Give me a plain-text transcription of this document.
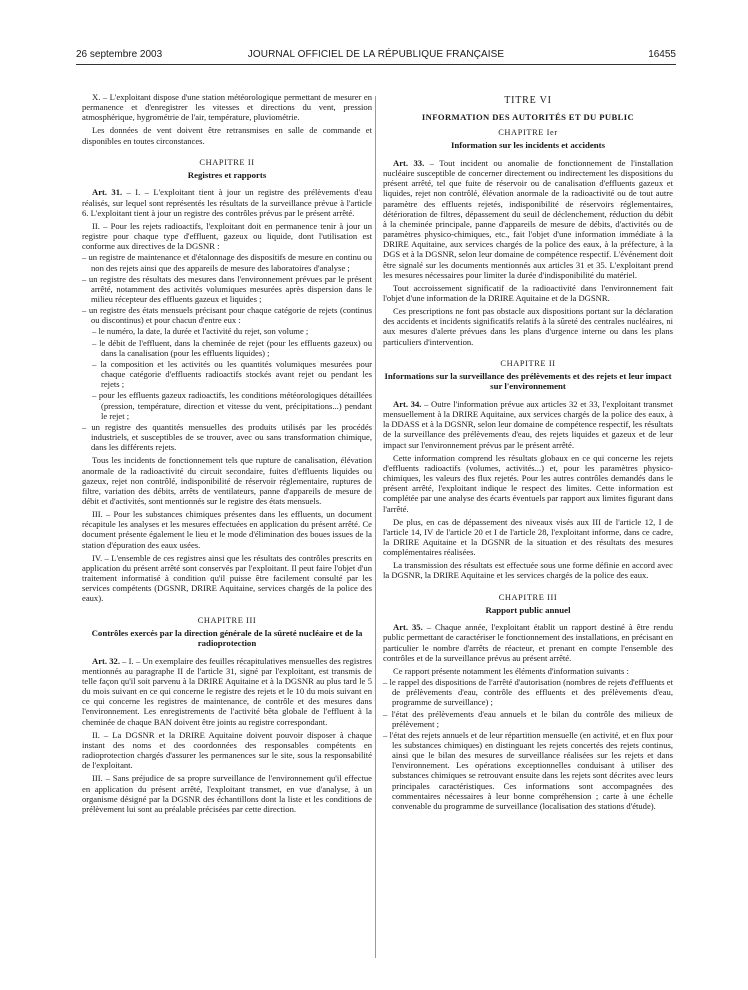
26 septembre 2003	JOURNAL OFFICIEL DE LA RÉPUBLIQUE FRANÇAISE	16455

X. – L'exploitant dispose d'une station météorologique permettant de mesurer en permanence et d'enregistrer les vitesses et directions du vent, pression atmosphérique, hygrométrie de l'air, température, pluviométrie.

Les données de vent doivent être retransmises en salle de commande et disponibles en toutes circonstances.

CHAPITRE II
Registres et rapports

Art. 31. – I. – L'exploitant tient à jour un registre des prélèvements d'eau réalisés, sur lequel sont représentés les résultats de la surveillance prévue à l'article 6. L'exploitant tient à jour un registre des contrôles prévus par le présent arrêté.

II. – Pour les rejets radioactifs, l'exploitant doit en permanence tenir à jour un registre pour chaque type d'effluent, gazeux ou liquide, dont l'utilisation est conforme aux directives de la DGSNR :

– un registre de maintenance et d'étalonnage des dispositifs de mesure en continu ou non des rejets ainsi que des appareils de mesure des laboratoires d'analyse ;
– un registre des résultats des mesures dans l'environnement prévues par le présent arrêté, notamment des activités volumiques mesurées après dispersion dans le milieu récepteur des effluents gazeux et liquides ;
– un registre des états mensuels précisant pour chaque catégorie de rejets (continus ou discontinus) et pour chacun d'entre eux :
– le numéro, la date, la durée et l'activité du rejet, son volume ;
– le débit de l'effluent, dans la cheminée de rejet (pour les effluents gazeux) ou dans la canalisation (pour les effluents liquides) ;
– la composition et les activités ou les quantités volumiques mesurées pour chaque catégorie d'effluents radioactifs stockés avant rejet ou pendant les rejets ;
– pour les effluents gazeux radioactifs, les conditions météorologiques détaillées (pression, température, direction et vitesse du vent, précipitations...) pendant le rejet ;
– un registre des quantités mensuelles des produits utilisés par les procédés industriels, et susceptibles de se trouver, avec ou sans transformation chimique, dans les différents rejets.

Tous les incidents de fonctionnement tels que rupture de canalisation, élévation anormale de la radioactivité du circuit secondaire, fuites d'effluents liquides ou gazeux, rejet non contrôlé, indisponibilité de réservoir réglementaire, ruptures de filtre, variation des débits, arrêts de ventilateurs, panne d'appareils de mesure de débit et d'activités, sont mentionnés sur le registre des états mensuels.

III. – Pour les substances chimiques présentes dans les effluents, un document récapitule les analyses et les mesures effectuées en application du présent arrêté. Ce document présente également le lieu et le mode d'élimination des boues issues de la station d'épuration des eaux usées.

IV. – L'ensemble de ces registres ainsi que les résultats des contrôles prescrits en application du présent arrêté sont conservés par l'exploitant. Il peut faire l'objet d'un traitement informatisé à condition qu'il puisse être facilement consulté par les services compétents (DGSNR, DRIRE Aquitaine, services chargés de la police des eaux).

CHAPITRE III
Contrôles exercés par la direction générale de la sûreté nucléaire et de la radioprotection

Art. 32. – I. – Un exemplaire des feuilles récapitulatives mensuelles des registres mentionnés au paragraphe II de l'article 31, signé par l'exploitant, est transmis de telle façon qu'il soit parvenu à la DRIRE Aquitaine et à la DGSNR au plus tard le 5 du mois suivant en ce qui concerne le registre des rejets et le 10 du mois suivant en ce qui concerne les registres de maintenance, de contrôle et des mesures dans l'environnement. Les enregistrements de l'activité bêta globale de l'effluent à la cheminée de chaque BAN doivent être joints au registre correspondant.

II. – La DGSNR et la DRIRE Aquitaine doivent pouvoir disposer à chaque instant des noms et des coordonnées des responsables compétents en radioprotection chargés d'assurer les permanences sur le site, sous la responsabilité de l'exploitant.

III. – Sans préjudice de sa propre surveillance de l'environnement qu'il effectue en application du présent arrêté, l'exploitant transmet, en vue d'analyse, à un organisme désigné par la DGSNR des échantillons dont la liste et les conditions de prélèvement lui sont au préalable précisées par cette direction.

TITRE VI
INFORMATION DES AUTORITÉS ET DU PUBLIC
CHAPITRE Ier
Information sur les incidents et accidents

Art. 33. – Tout incident ou anomalie de fonctionnement de l'installation nucléaire susceptible de concerner directement ou indirectement les dispositions du présent arrêté, tel que fuite de réservoir ou de canalisation d'effluents gazeux et liquides, rejet non contrôlé, élévation anormale de la radioactivité ou de tout autre paramètre des effluents rejetés, indisponibilité de réservoirs réglementaires, détérioration de filtres, dépassement du seuil de déclenchement, réduction du débit à la cheminée principale, panne d'appareils de mesure de débits, d'activités ou de paramètres physico-chimiques, etc., fait l'objet d'une information immédiate à la DRIRE Aquitaine, aux services chargés de la police des eaux, à la préfecture, à la DGS et à la DGSNR, selon leur domaine de compétence respectif. L'événement doit être signalé sur les documents mentionnés aux articles 31 et 35. L'exploitant prend les mesures nécessaires pour limiter la durée d'indisponibilité du matériel.

Tout accroissement significatif de la radioactivité dans l'environnement fait l'objet d'une information de la DRIRE Aquitaine et de la DGSNR.

Ces prescriptions ne font pas obstacle aux dispositions portant sur la déclaration des accidents et incidents significatifs relatifs à la sûreté des centrales nucléaires, ni aux mesures d'alerte prévues dans les plans d'urgence interne ou dans les plans particuliers d'intervention.

CHAPITRE II
Informations sur la surveillance des prélèvements et des rejets et leur impact sur l'environnement

Art. 34. – Outre l'information prévue aux articles 32 et 33, l'exploitant transmet mensuellement à la DRIRE Aquitaine, aux services chargés de la police des eaux, à la DDASS et à la DGSNR, selon leur domaine de compétence respectif, les résultats de la surveillance des prélèvements d'eau, des rejets liquides et gazeux et de leur impact sur l'environnement prévus par le présent arrêté.

Cette information comprend les résultats globaux en ce qui concerne les rejets d'effluents radioactifs (volumes, activités...) et, pour les paramètres physico-chimiques, les valeurs des flux rejetés. Pour les autres contrôles demandés dans le présent arrêté, l'exploitant indique le respect des limites. Cette information est complétée par une analyse des écarts éventuels par rapport aux limites figurant dans l'arrêté.

De plus, en cas de dépassement des niveaux visés aux III de l'article 12, I de l'article 14, IV de l'article 20 et I de l'article 28, l'exploitant informe, dans ce cadre, la DRIRE Aquitaine et la DGSNR de la situation et des résultats des mesures complémentaires réalisées.

La transmission des résultats est effectuée sous une forme définie en accord avec la DGSNR, la DRIRE Aquitaine et les services chargés de la police des eaux.

CHAPITRE III
Rapport public annuel

Art. 35. – Chaque année, l'exploitant établit un rapport destiné à être rendu public permettant de caractériser le fonctionnement des installations, en précisant en particulier le nombre d'arrêts de réacteur, et prenant en compte l'ensemble des contrôles et de la surveillance prévus au présent arrêté.

Ce rapport présente notamment les éléments d'information suivants :

– le rappel des dispositions de l'arrêté d'autorisation (nombres de rejets d'effluents et de prélèvements d'eau, contrôle des effluents et des prélèvements d'eau, programme de surveillance) ;
– l'état des prélèvements d'eau annuels et le bilan du contrôle des milieux de prélèvement ;
– l'état des rejets annuels et de leur répartition mensuelle (en activité, et en flux pour les substances chimiques) en distinguant les rejets concertés des rejets continus, ainsi que le bilan des mesures de surveillance réalisées sur les rejets et dans l'environnement. Les opérations exceptionnelles conduisant à utiliser des substances chimiques se retrouvant ensuite dans les rejets sont décrites avec leurs principales caractéristiques. Ces informations sont accompagnées des commentaires nécessaires à leur bonne compréhension ; carte à une échelle convenable du programme de surveillance (localisation des stations d'étude).
